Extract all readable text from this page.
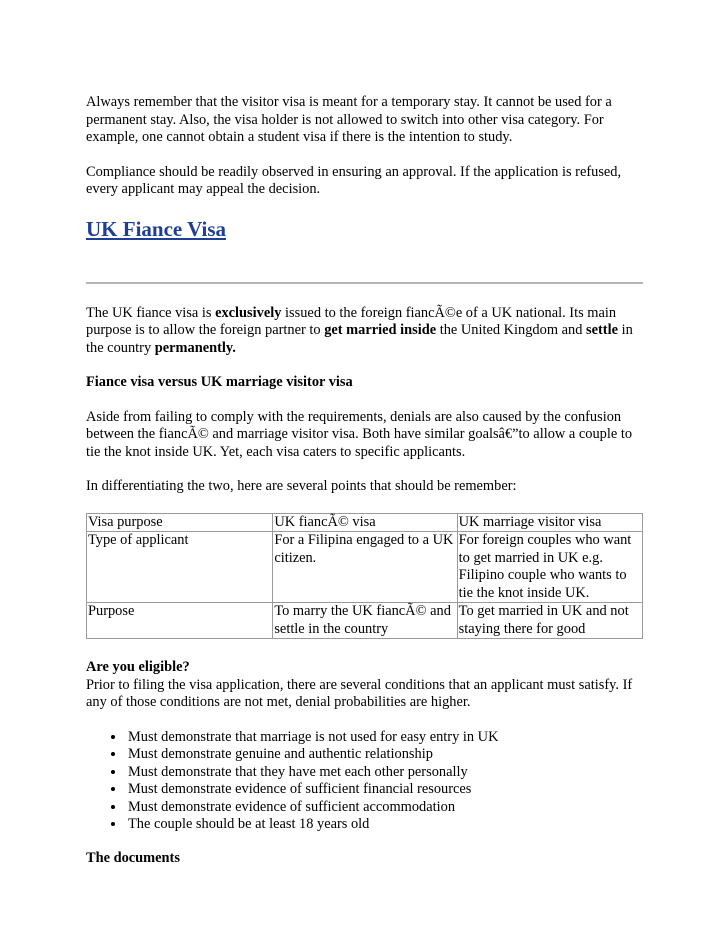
Always remember that the visitor visa is meant for a temporary stay. It cannot be used for a permanent stay. Also, the visa holder is not allowed to switch into other visa category. For example, one cannot obtain a student visa if there is the intention to study.

Compliance should be readily observed in ensuring an approval. If the application is refused, every applicant may appeal the decision.

UK Fiance Visa

The UK fiance visa is exclusively issued to the foreign fiancÃ©e of a UK national. Its main purpose is to allow the foreign partner to get married inside the United Kingdom and settle in the country permanently.

Fiance visa versus UK marriage visitor visa

Aside from failing to comply with the requirements, denials are also caused by the confusion between the fiancÃ© and marriage visitor visa. Both have similar goalsâ€”to allow a couple to tie the knot inside UK. Yet, each visa caters to specific applicants.

In differentiating the two, here are several points that should be remember:

Visa purpose	UK fiancÃ© visa	UK marriage visitor visa
Type of applicant	For a Filipina engaged to a UK citizen.	For foreign couples who want to get married in UK e.g. Filipino couple who wants to tie the knot inside UK.
Purpose	To marry the UK fiancÃ© and settle in the country	To get married in UK and not staying there for good

Are you eligible?

Prior to filing the visa application, there are several conditions that an applicant must satisfy. If any of those conditions are not met, denial probabilities are higher.

• Must demonstrate that marriage is not used for easy entry in UK
• Must demonstrate genuine and authentic relationship
• Must demonstrate that they have met each other personally
• Must demonstrate evidence of sufficient financial resources
• Must demonstrate evidence of sufficient accommodation
• The couple should be at least 18 years old

The documents
